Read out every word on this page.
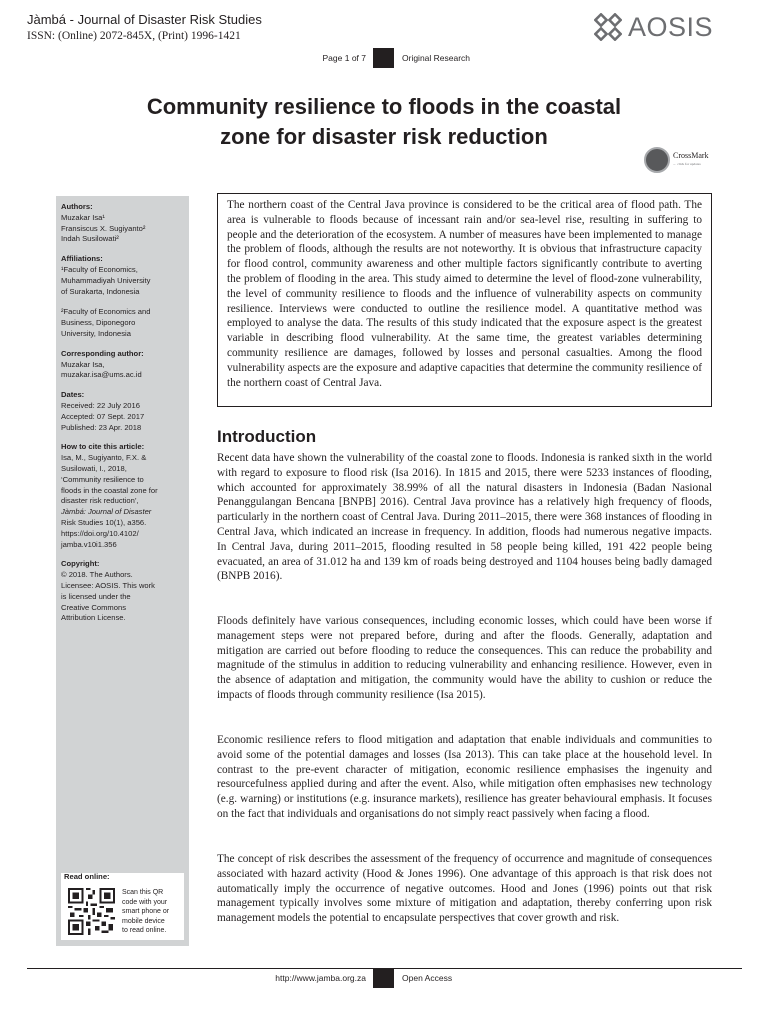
Jàmbá - Journal of Disaster Risk Studies
ISSN: (Online) 2072-845X, (Print) 1996-1421	AOSIS
Page 1 of 7	Original Research
Community resilience to floods in the coastal
zone for disaster risk reduction
CrossMark
← click for updates
Authors:
Muzakar Isa¹
Fransiscus X. Sugiyanto²
Indah Susilowati²
Affiliations:
¹Faculty of Economics,
Muhammadiyah University
of Surakarta, Indonesia
²Faculty of Economics and
Business, Diponegoro
University, Indonesia
Corresponding author:
Muzakar Isa,
muzakar.isa@ums.ac.id
Dates:
Received: 22 July 2016
Accepted: 07 Sept. 2017
Published: 23 Apr. 2018
How to cite this article:
Isa, M., Sugiyanto, F.X. &
Susilowati, I., 2018,
‘Community resilience to
floods in the coastal zone for
disaster risk reduction’,
Jàmbá: Journal of Disaster
Risk Studies 10(1), a356.
https://doi.org/10.4102/
jamba.v10i1.356
Copyright:
© 2018. The Authors.
Licensee: AOSIS. This work
is licensed under the
Creative Commons
Attribution License.
Read online:
Scan this QR
code with your
smart phone or
mobile device
to read online.
The northern coast of the Central Java province is considered to be the critical area of flood path. The area is vulnerable to floods because of incessant rain and/or sea-level rise, resulting in suffering to people and the deterioration of the ecosystem. A number of measures have been implemented to manage the problem of floods, although the results are not noteworthy. It is obvious that infrastructure capacity for flood control, community awareness and other multiple factors significantly contribute to averting the problem of flooding in the area. This study aimed to determine the level of flood-zone vulnerability, the level of community resilience to floods and the influence of vulnerability aspects on community resilience. Interviews were conducted to outline the resilience model. A quantitative method was employed to analyse the data. The results of this study indicated that the exposure aspect is the greatest variable in describing flood vulnerability. At the same time, the greatest variables determining community resilience are damages, followed by losses and personal casualties. Among the flood vulnerability aspects are the exposure and adaptive capacities that determine the community resilience of the northern coast of Central Java.
Introduction
Recent data have shown the vulnerability of the coastal zone to floods. Indonesia is ranked sixth in the world with regard to exposure to flood risk (Isa 2016). In 1815 and 2015, there were 5233 instances of flooding, which accounted for approximately 38.99% of all the natural disasters in Indonesia (Badan Nasional Penanggulangan Bencana [BNPB] 2016). Central Java province has a relatively high frequency of floods, particularly in the northern coast of Central Java. During 2011–2015, there were 368 instances of flooding in Central Java, which indicated an increase in frequency. In addition, floods had numerous negative impacts. In Central Java, during 2011–2015, flooding resulted in 58 people being killed, 191 422 people being evacuated, an area of 31.012 ha and 139 km of roads being destroyed and 1104 houses being badly damaged (BNPB 2016).
Floods definitely have various consequences, including economic losses, which could have been worse if management steps were not prepared before, during and after the floods. Generally, adaptation and mitigation are carried out before flooding to reduce the consequences. This can reduce the probability and magnitude of the stimulus in addition to reducing vulnerability and enhancing resilience. However, even in the absence of adaptation and mitigation, the community would have the ability to cushion or reduce the impacts of floods through community resilience (Isa 2015).
Economic resilience refers to flood mitigation and adaptation that enable individuals and communities to avoid some of the potential damages and losses (Isa 2013). This can take place at the household level. In contrast to the pre-event character of mitigation, economic resilience emphasises the ingenuity and resourcefulness applied during and after the event. Also, while mitigation often emphasises new technology (e.g. warning) or institutions (e.g. insurance markets), resilience has greater behavioural emphasis. It focuses on the fact that individuals and organisations do not simply react passively when facing a flood.
The concept of risk describes the assessment of the frequency of occurrence and magnitude of consequences associated with hazard activity (Hood & Jones 1996). One advantage of this approach is that risk does not automatically imply the occurrence of negative outcomes. Hood and Jones (1996) points out that risk management typically involves some mixture of mitigation and adaptation, thereby conferring upon risk management models the potential to encapsulate perspectives that cover growth and risk.
http://www.jamba.org.za	Open Access
